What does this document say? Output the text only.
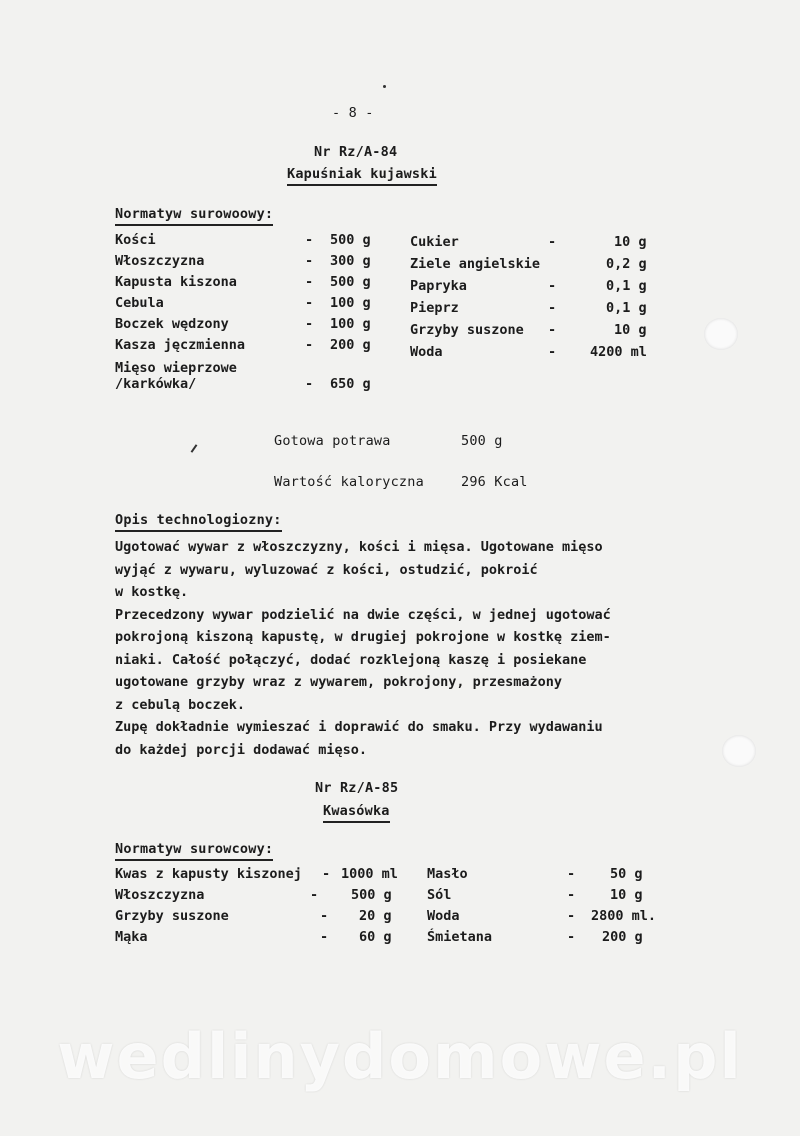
- 8 -
Nr Rz/A-84
Kapuśniak kujawski
Normatyw surowoowy:
Kości	- 500 g
Włoszczyzna	- 300 g
Kapusta kiszona	- 500 g
Cebula	- 100 g
Boczek wędzony	- 100 g
Kasza jęczmienna	- 200 g
Mięso wieprzowe
/karkówka/	- 650 g
Cukier	-	10 g
Ziele angielskie	0,2 g
Papryka	-	0,1 g
Pieprz	-	0,1 g
Grzyby suszone -	10 g
Woda	-	4200 ml
Gotowa potrawa	500 g
Wartość kaloryczna	296 Kcal
Opis technologiozny:
Ugotować wywar z włoszczyzny, kości i mięsa. Ugotowane mięso
wyjąć z wywaru, wyluzować z kości, ostudzić, pokroić
w kostkę.
Przecedzony wywar podzielić na dwie części, w jednej ugotować
pokrojoną kiszoną kapustę, w drugiej pokrojone w kostkę ziem-
niaki. Całość połączyć, dodać rozklejoną kaszę i posiekane
ugotowane grzyby wraz z wywarem, pokrojony, przesmażony
z cebulą boczek.
Zupę dokładnie wymieszać i doprawić do smaku. Przy wydawaniu
do każdej porcji dodawać mięso.
Nr Rz/A-85
Kwasówka
Normatyw surowcowy:
Kwas z kapusty kiszonej - 1000 ml
Włoszczyzna	- 500 g
Grzyby suszone	- 20 g
Mąka	- 60 g
Masło	-	50 g
Sól	-	10 g
Woda	- 2800 ml.
Śmietana	- 200 g
wedlinydomowe.pl
